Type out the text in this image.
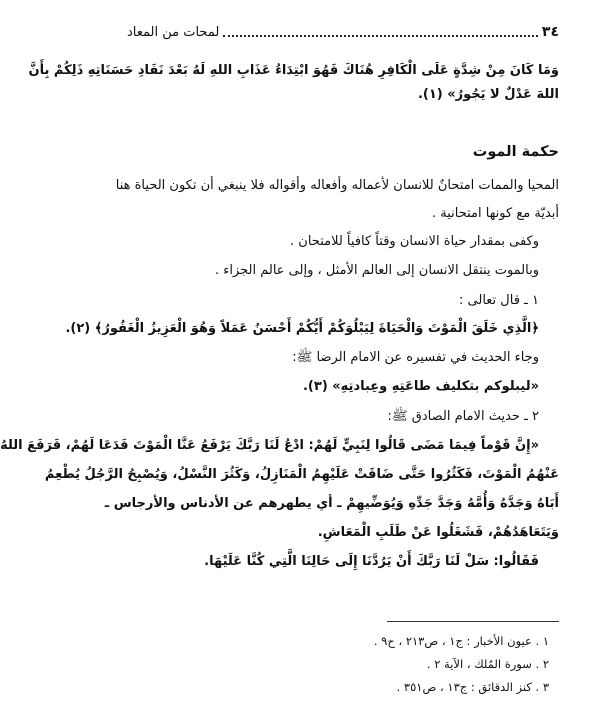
٣٤
لمحات من المعاد
وَمَا كَانَ مِنْ شِدَّةٍ عَلَى الْكَافِرِ هُنَاكَ فَهُوَ ابْتِدَاءُ عَذَابِ اللهِ لَهُ بَعْدَ نَفَادِ حَسَنَاتِهِ ذَلِكُمْ بِأَنَّ
اللهَ عَدْلٌ لا يَجُورُ» (١).
حكمة الموت
المحيا والممات امتحانٌ للانسان لأعماله وأفعاله وأقواله فلا ينبغي أن تكون الحياة هنا
أبديّة مع كونها امتحانية .
وكفى بمقدار حياة الانسان وقتاً كافياً للامتحان .
وبالموت ينتقل الانسان إلى العالم الأمثل ، وإلى عالم الجزاء .
١ ـ قال تعالى :
﴿الَّذِي خَلَقَ الْمَوْتَ وَالْحَيَاةَ لِيَبْلُوَكُمْ أَيُّكُمْ أَحْسَنُ عَمَلاً وَهُوَ الْعَزِيزُ الْغَفُورُ﴾ (٢).
وجاء الحديث في تفسيره عن الامام الرضا ﷺ:
«ليبلوكم بتكليف طاعَتِهِ وعِبادتِهِ» (٣).
٢ ـ حديث الامام الصادق ﷺ:
«إِنَّ قَوْماً فِيمَا مَضَى قَالُوا لِنَبِيٍّ لَهُمْ: ادْعُ لَنَا رَبَّكَ يَرْفَعُ عَنَّا الْمَوْتَ فَدَعَا لَهُمْ، فَرَفَعَ اللهُ
عَنْهُمُ الْمَوْتَ، فَكَثُرُوا حَتَّى ضَاقَتْ عَلَيْهِمُ الْمَنَازِلُ، وَكَثُرَ النَّسْلُ، وَيُصْبِحُ الرَّجُلُ يُطْعِمُ
أَبَاهُ وَجَدَّهُ وَأُمَّهُ وَجَدَّ جَدِّهِ وَيُوَضِّيهِمْ ـ أي يطهرهم عن الأدناس والأرجاس ـ
وَيَتَعَاهَدُهُمْ، فَشَغَلُوا عَنْ طَلَبِ الْمَعَاشِ.
فَقَالُوا: سَلْ لَنَا رَبَّكَ أَنْ يَرُدَّنَا إِلَى حَالِنَا الَّتِي كُنَّا عَلَيْهَا.
١ . عيون الأخبار : ج١ ، ص٢١٣ ، ح٩ .
٢ . سورة المُلك ، الآية ٢ .
٣ . كنز الدقائق : ج١٣ ، ص٣٥١ .
